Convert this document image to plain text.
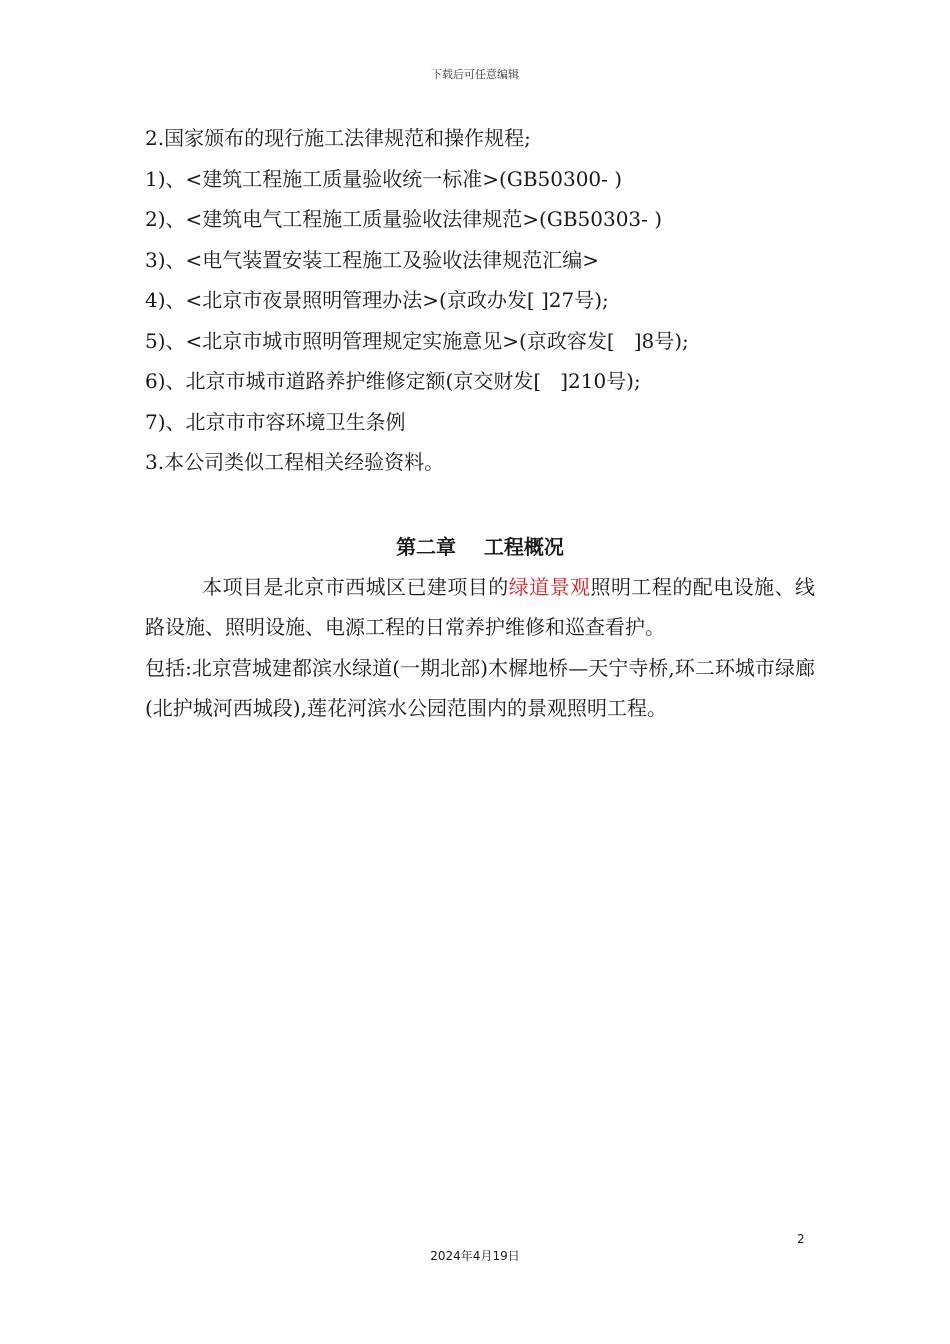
下载后可任意编辑

2.国家颁布的现行施工法律规范和操作规程;

1)、<建筑工程施工质量验收统一标准>(GB50300- )

2)、<建筑电气工程施工质量验收法律规范>(GB50303- )

3)、<电气装置安装工程施工及验收法律规范汇编>

4)、<北京市夜景照明管理办法>(京政办发[ ]27号);

5)、<北京市城市照明管理规定实施意见>(京政容发[   ]8号);

6)、北京市城市道路养护维修定额(京交财发[   ]210号);

7)、北京市市容环境卫生条例

3.本公司类似工程相关经验资料。

第二章    工程概况

本项目是北京市西城区已建项目的绿道景观照明工程的配电设施、线路设施、照明设施、电源工程的日常养护维修和巡查看护。

包括:北京营城建都滨水绿道(一期北部)木樨地桥—天宁寺桥,环二环城市绿廊(北护城河西城段),莲花河滨水公园范围内的景观照明工程。

2
2024年4月19日
